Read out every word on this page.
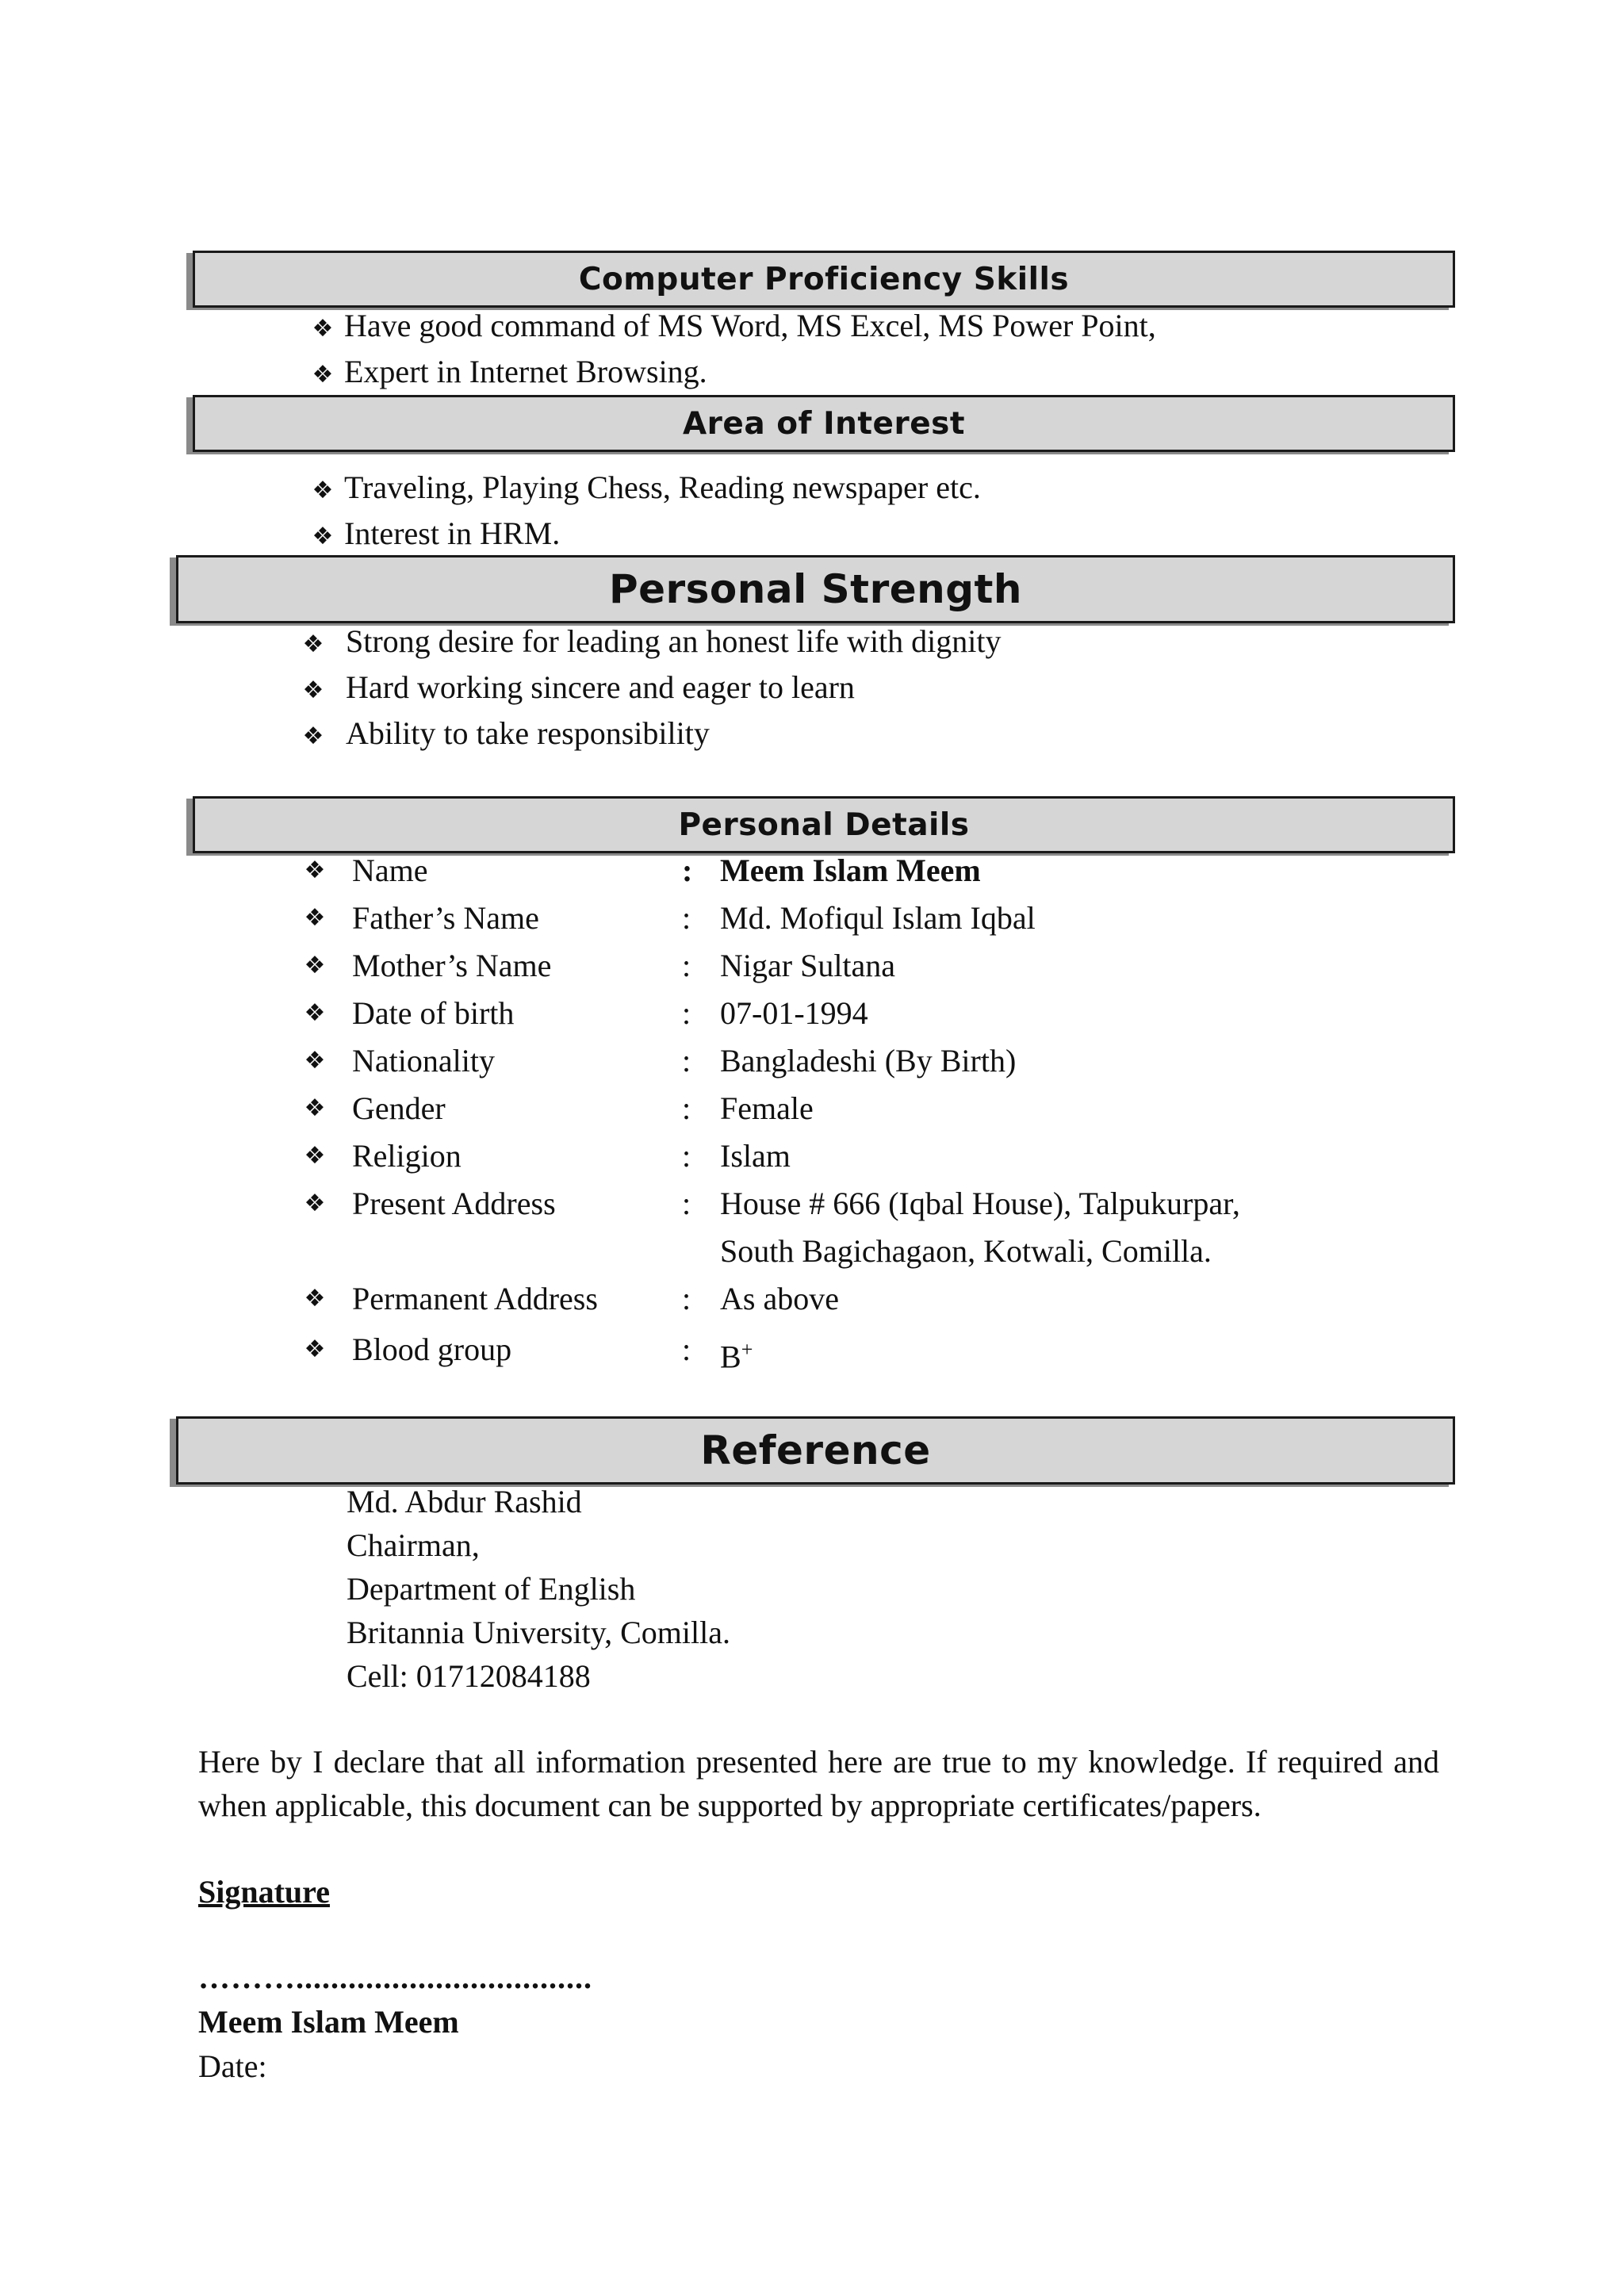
Computer Proficiency Skills
❖ Have good command of MS Word, MS Excel, MS Power Point,
❖ Expert in Internet Browsing.
Area of Interest
❖ Traveling, Playing Chess, Reading newspaper etc.
❖ Interest in HRM.
Personal Strength
❖ Strong desire for leading an honest life with dignity
❖ Hard working sincere and eager to learn
❖ Ability to take responsibility
Personal Details
❖ Name	: Meem Islam Meem
❖ Father’s Name	: Md. Mofiqul Islam Iqbal
❖ Mother’s Name	: Nigar Sultana
❖ Date of birth	: 07-01-1994
❖ Nationality	: Bangladeshi (By Birth)
❖ Gender	: Female
❖ Religion	: Islam
❖ Present Address	: House # 666 (Iqbal House), Talpukurpar,
South Bagichagaon, Kotwali, Comilla.
❖ Permanent Address	: As above
❖ Blood group	: B+
Reference
Md. Abdur Rashid
Chairman,
Department of English
Britannia University, Comilla.
Cell: 01712084188
Here by I declare that all information presented here are true to my knowledge. If required and when applicable, this document can be supported by appropriate certificates/papers.
Signature
………..................................
Meem Islam Meem
Date:
